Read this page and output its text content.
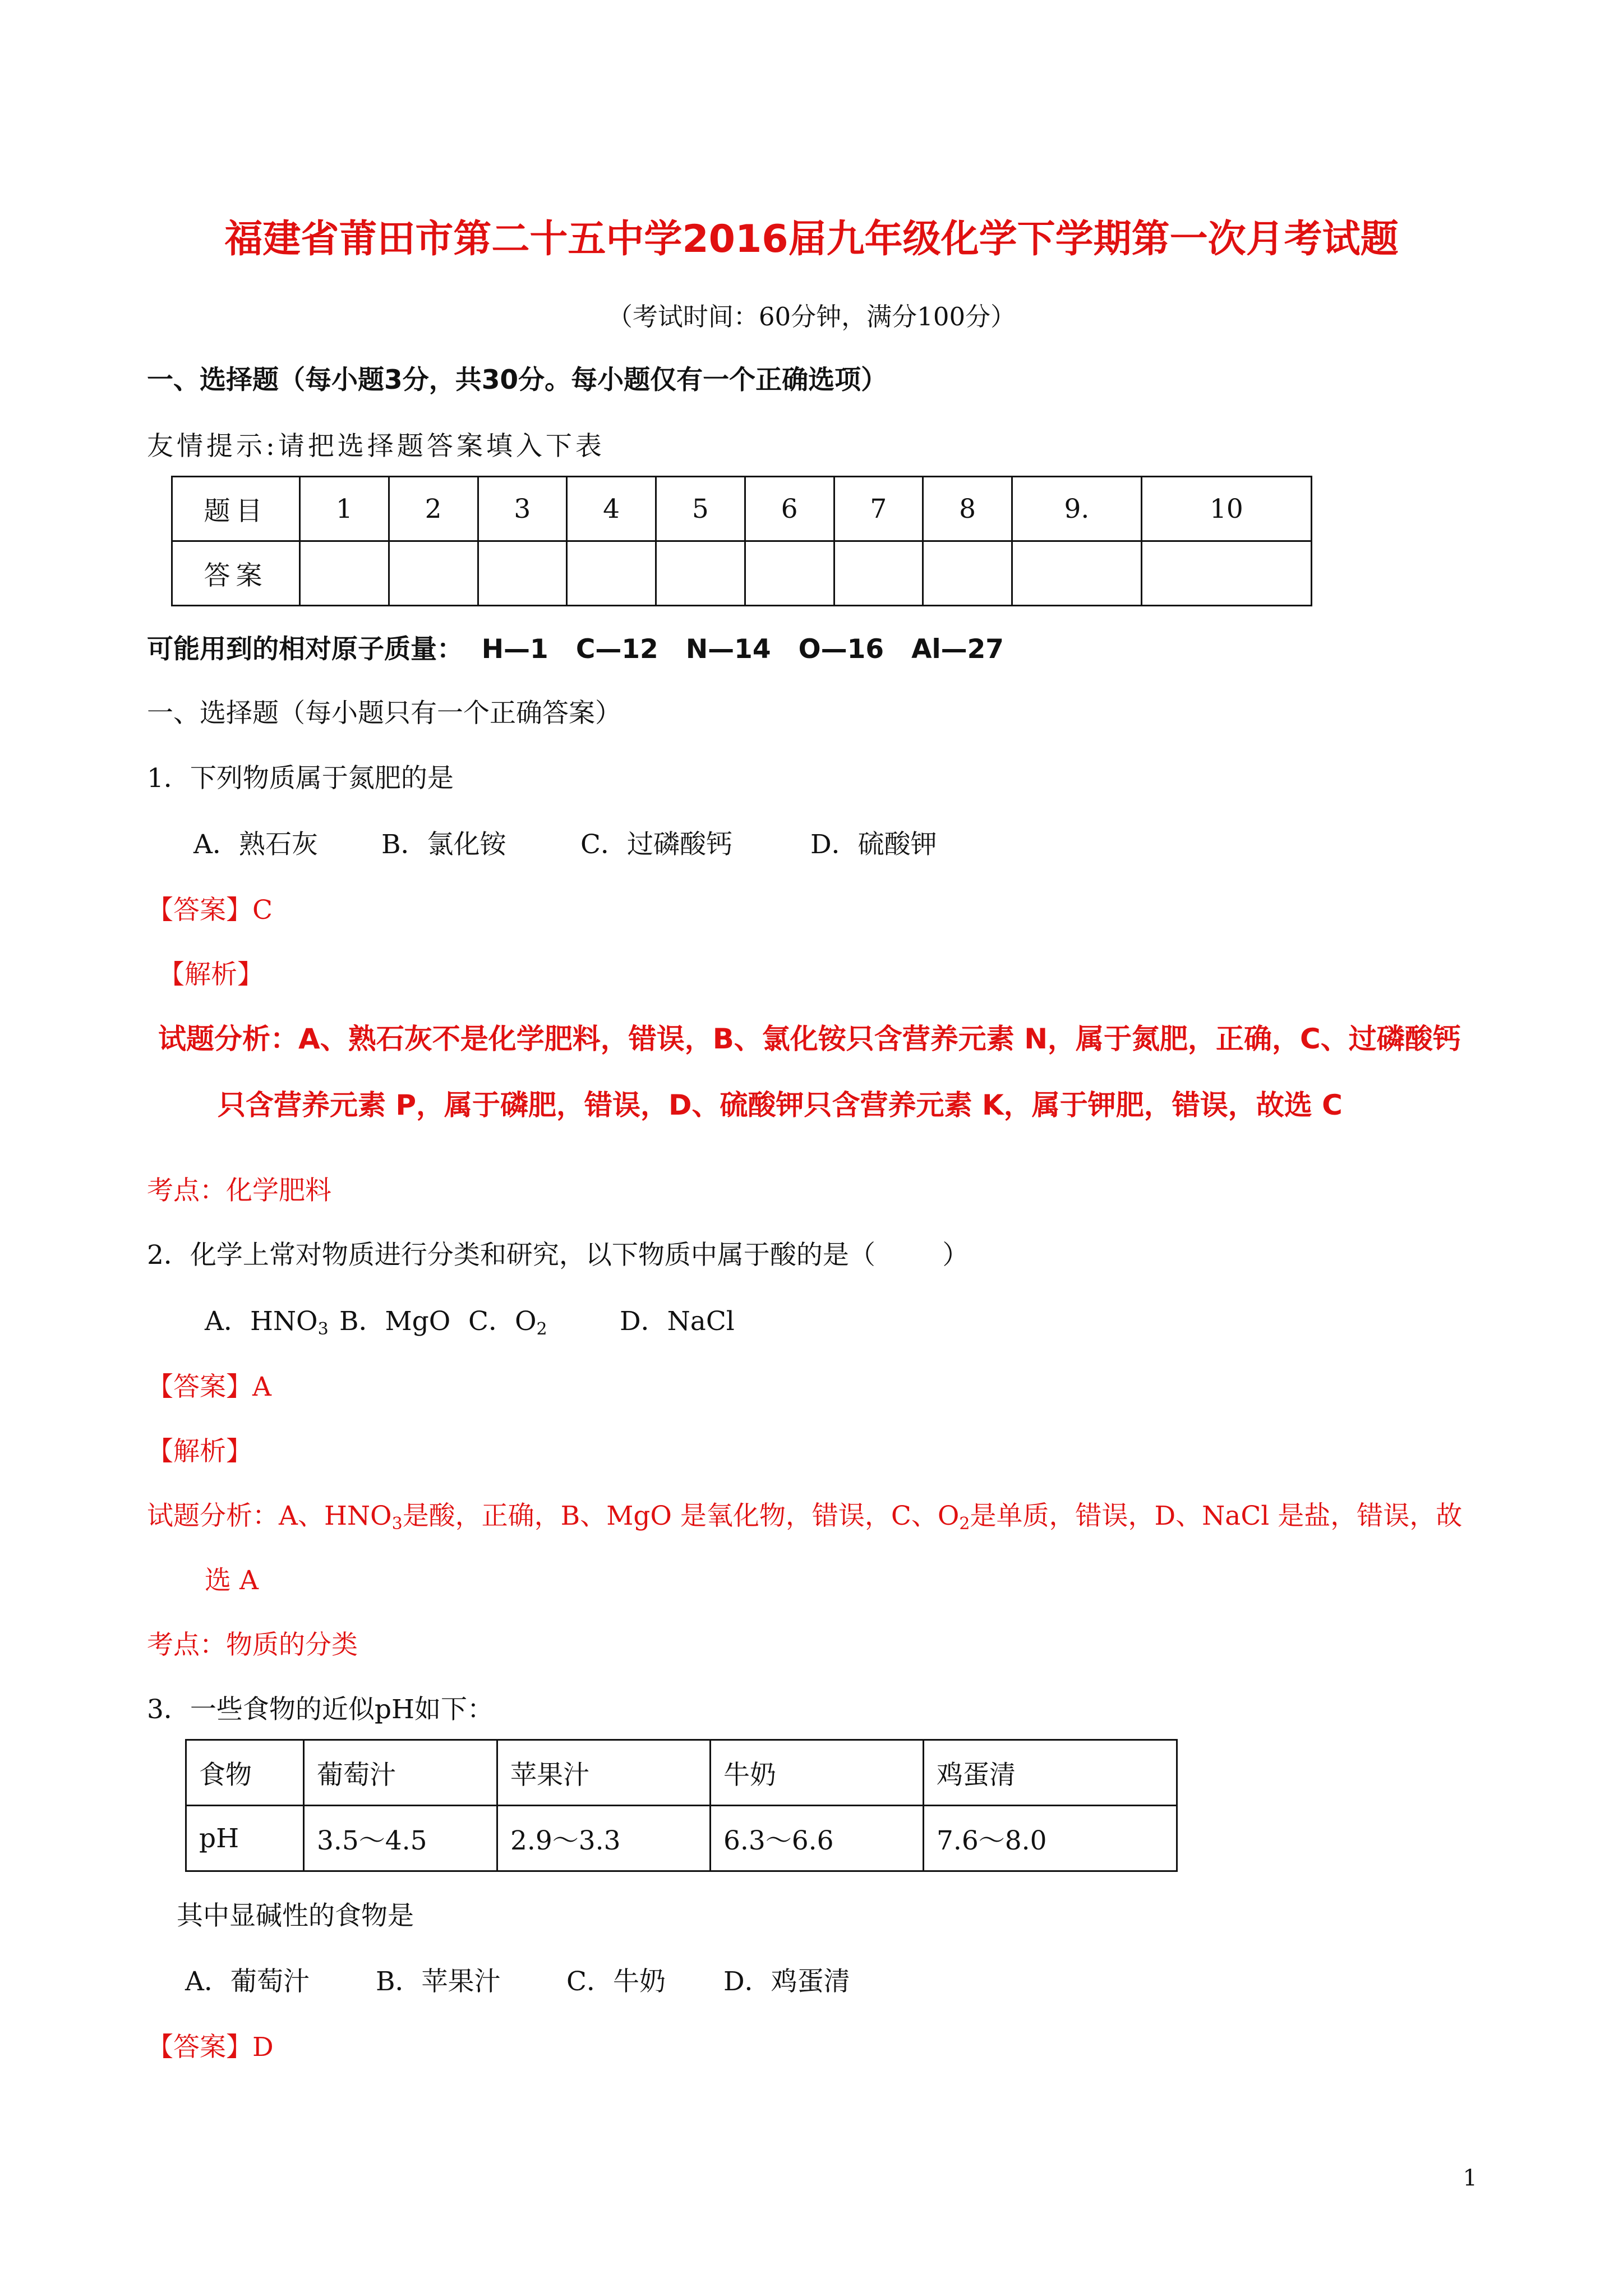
福建省莆田市第二十五中学2016届九年级化学下学期第一次月考试题
（考试时间：60分钟，满分100分）
一、选择题（每小题3分，共30分。每小题仅有一个正确选项）
友情提示:请把选择题答案填入下表
题目	1	2	3	4	5	6	7	8	9.	10
答案										
可能用到的相对原子质量：  H—1   C—12   N—14   O—16   Al—27
一、选择题（每小题只有一个正确答案）
1．下列物质属于氮肥的是
A．熟石灰 B．氯化铵	C．过磷酸钙	D．硫酸钾
【答案】C
【解析】
试题分析：A、熟石灰不是化学肥料，错误，B、氯化铵只含营养元素 N，属于氮肥，正确，C、过磷酸钙
只含营养元素 P，属于磷肥，错误，D、硫酸钾只含营养元素 K，属于钾肥，错误，故选 C
考点：化学肥料
2．化学上常对物质进行分类和研究，以下物质中属于酸的是（        ）
A．$HNO_3$ B．MgO C．$O_2$	D．NaCl
【答案】A
【解析】
试题分析：A、$HNO_3$是酸，正确，B、MgO 是氧化物，错误，C、$O_2$是单质，错误，D、NaCl 是盐，错误，故
选 A
考点：物质的分类
3．一些食物的近似pH如下：
食物	葡萄汁	苹果汁	牛奶	鸡蛋清
pH	3.5～4.5	2.9～3.3	6.3～6.6	7.6～8.0
其中显碱性的食物是
A．葡萄汁	B．苹果汁 C．牛奶 D．鸡蛋清
【答案】D
1
